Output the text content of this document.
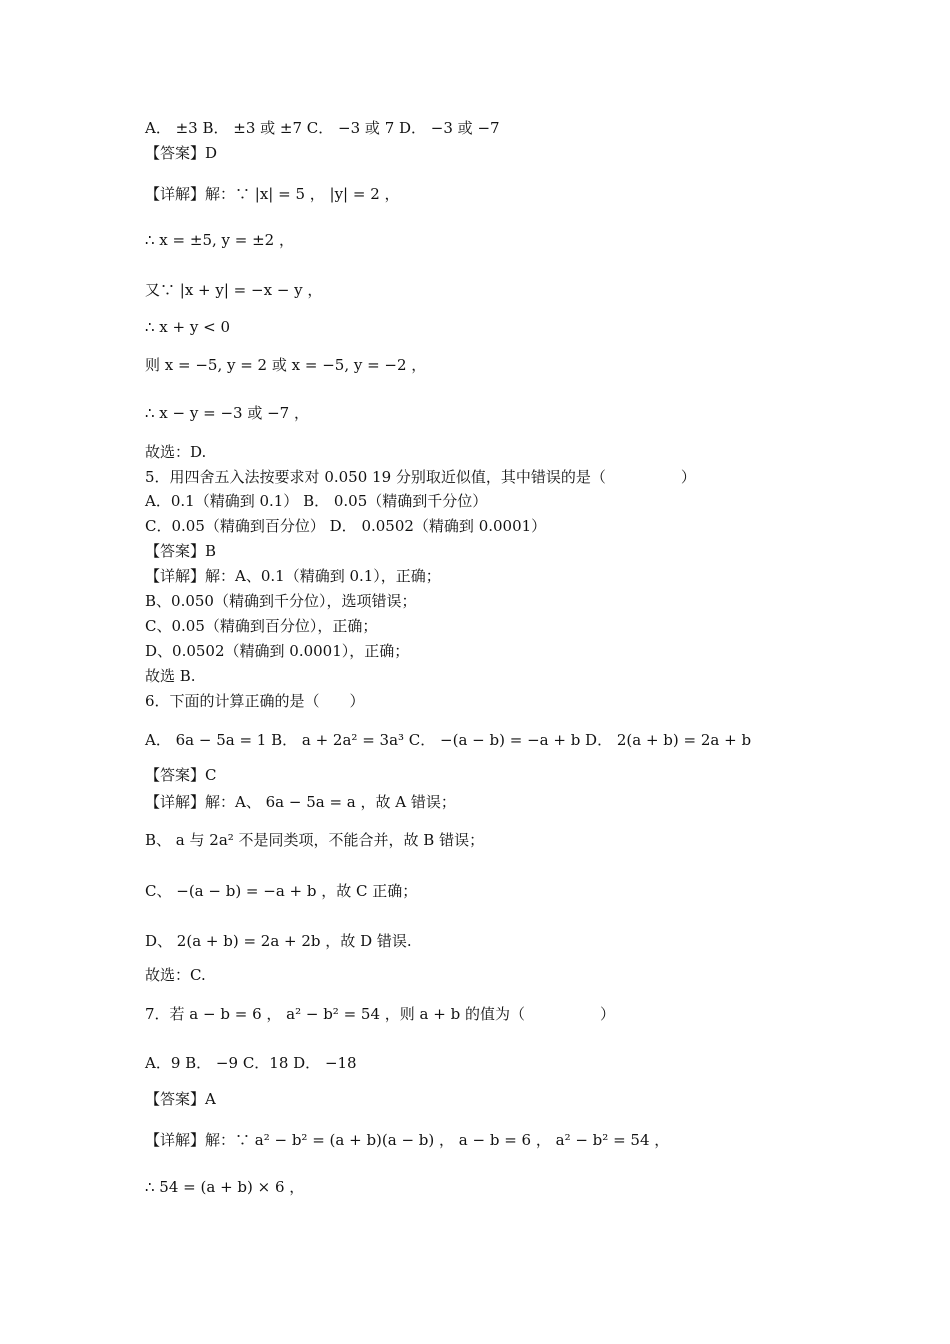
A． ±3 B． ±3 或 ±7 C． −3 或 7 D． −3 或 −7
【答案】D
【详解】解：∵ |x| = 5 ， |y| = 2 ，
∴ x = ±5, y = ±2 ，
又∵ |x + y| = −x − y ，
∴ x + y < 0
则 x = −5, y = 2 或 x = −5, y = −2 ，
∴ x − y = −3 或 −7 ，
故选：D.
5．用四舍五入法按要求对 0.050 19 分别取近似值，其中错误的是（　　　　　）
A．0.1（精确到 0.1） B． 0.05（精确到千分位）
C．0.05（精确到百分位） D． 0.0502（精确到 0.0001）
【答案】B
【详解】解：A、0.1（精确到 0.1），正确；
B、0.050（精确到千分位），选项错误；
C、0.05（精确到百分位），正确；
D、0.0502（精确到 0.0001），正确；
故选 B.
6．下面的计算正确的是（　　）
A． 6a − 5a = 1 B． a + 2a² = 3a³ C． −(a − b) = −a + b D． 2(a + b) = 2a + b
【答案】C
【详解】解：A、 6a − 5a = a ，故 A 错误；
B、 a 与 2a² 不是同类项，不能合并，故 B 错误；
C、 −(a − b) = −a + b ，故 C 正确；
D、 2(a + b) = 2a + 2b ，故 D 错误.
故选：C.
7．若 a − b = 6 ， a² − b² = 54 ，则 a + b 的值为（　　　　　）
A．9 B． −9 C．18 D． −18
【答案】A
【详解】解：∵ a² − b² = (a + b)(a − b) ， a − b = 6 ， a² − b² = 54 ，
∴ 54 = (a + b) × 6 ，
